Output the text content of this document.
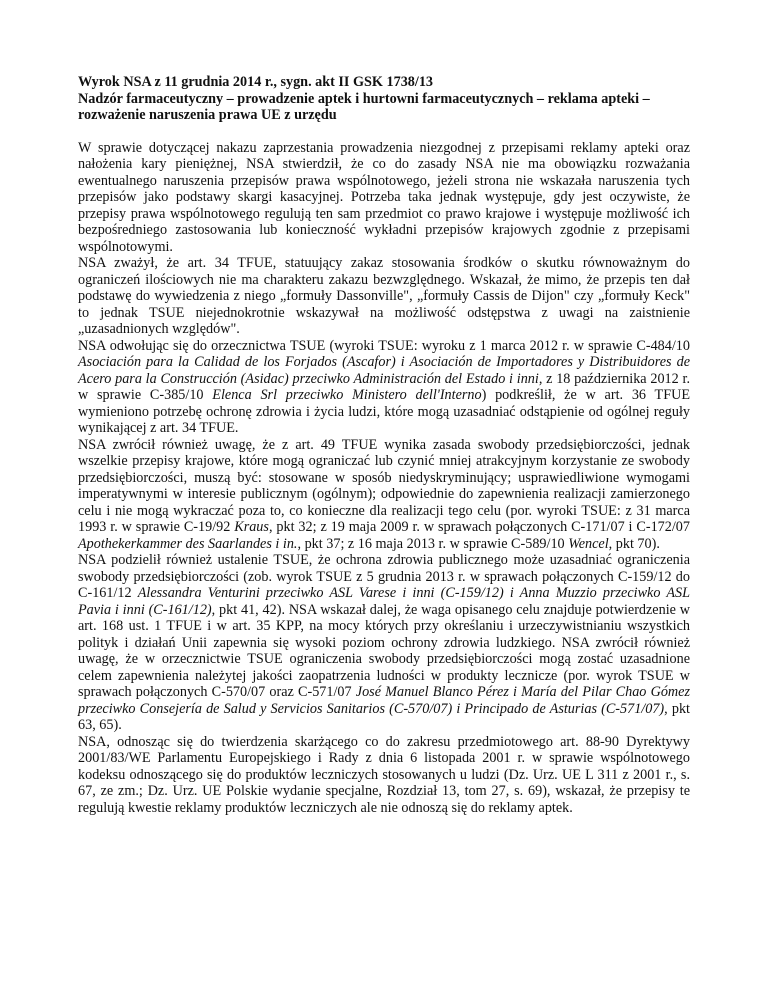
Wyrok NSA z 11 grudnia 2014 r., sygn. akt II GSK 1738/13

Nadzór farmaceutyczny – prowadzenie aptek i hurtowni farmaceutycznych – reklama apteki – rozważenie naruszenia prawa UE z urzędu

W sprawie dotyczącej nakazu zaprzestania prowadzenia niezgodnej z przepisami reklamy apteki oraz nałożenia kary pieniężnej, NSA stwierdził, że co do zasady NSA nie ma obowiązku rozważania ewentualnego naruszenia przepisów prawa wspólnotowego, jeżeli strona nie wskazała naruszenia tych przepisów jako podstawy skargi kasacyjnej. Potrzeba taka jednak występuje, gdy jest oczywiste, że przepisy prawa wspólnotowego regulują ten sam przedmiot co prawo krajowe i występuje możliwość ich bezpośredniego zastosowania lub konieczność wykładni przepisów krajowych zgodnie z przepisami wspólnotowymi.

NSA zważył, że art. 34 TFUE, statuujący zakaz stosowania środków o skutku równoważnym do ograniczeń ilościowych nie ma charakteru zakazu bezwzględnego. Wskazał, że mimo, że przepis ten dał podstawę do wywiedzenia z niego „formuły Dassonville", „formuły Cassis de Dijon" czy „formuły Keck" to jednak TSUE niejednokrotnie wskazywał na możliwość odstępstwa z uwagi na zaistnienie „uzasadnionych względów".

NSA odwołując się do orzecznictwa TSUE (wyroki TSUE: wyroku z 1 marca 2012 r. w sprawie C-484/10 Asociación para la Calidad de los Forjados (Ascafor) i Asociación de Importadores y Distribuidores de Acero para la Construcción (Asidac) przeciwko Administración del Estado i inni, z 18 października 2012 r. w sprawie C-385/10 Elenca Srl przeciwko Ministero dell'Interno) podkreślił, że w art. 36 TFUE wymieniono potrzebę ochronę zdrowia i życia ludzi, które mogą uzasadniać odstąpienie od ogólnej reguły wynikającej z art. 34 TFUE.

NSA zwrócił również uwagę, że z art. 49 TFUE wynika zasada swobody przedsiębiorczości, jednak wszelkie przepisy krajowe, które mogą ograniczać lub czynić mniej atrakcyjnym korzystanie ze swobody przedsiębiorczości, muszą być: stosowane w sposób niedyskryminujący; usprawiedliwione wymogami imperatywnymi w interesie publicznym (ogólnym); odpowiednie do zapewnienia realizacji zamierzonego celu i nie mogą wykraczać poza to, co konieczne dla realizacji tego celu (por. wyroki TSUE: z 31 marca 1993 r. w sprawie C-19/92 Kraus, pkt 32; z 19 maja 2009 r. w sprawach połączonych C-171/07 i C-172/07 Apothekerkammer des Saarlandes i in., pkt 37; z 16 maja 2013 r. w sprawie C-589/10 Wencel, pkt 70).

NSA podzielił również ustalenie TSUE, że ochrona zdrowia publicznego może uzasadniać ograniczenia swobody przedsiębiorczości (zob. wyrok TSUE z 5 grudnia 2013 r. w sprawach połączonych C-159/12 do C-161/12 Alessandra Venturini przeciwko ASL Varese i inni (C-159/12) i Anna Muzzio przeciwko ASL Pavia i inni (C-161/12), pkt 41, 42). NSA wskazał dalej, że waga opisanego celu znajduje potwierdzenie w art. 168 ust. 1 TFUE i w art. 35 KPP, na mocy których przy określaniu i urzeczywistnianiu wszystkich polityk i działań Unii zapewnia się wysoki poziom ochrony zdrowia ludzkiego. NSA zwrócił również uwagę, że w orzecznictwie TSUE ograniczenia swobody przedsiębiorczości mogą zostać uzasadnione celem zapewnienia należytej jakości zaopatrzenia ludności w produkty lecznicze (por. wyrok TSUE w sprawach połączonych C-570/07 oraz C-571/07 José Manuel Blanco Pérez i María del Pilar Chao Gómez przeciwko Consejería de Salud y Servicios Sanitarios (C-570/07) i Principado de Asturias (C-571/07), pkt 63, 65).

NSA, odnosząc się do twierdzenia skarżącego co do zakresu przedmiotowego art. 88-90 Dyrektywy 2001/83/WE Parlamentu Europejskiego i Rady z dnia 6 listopada 2001 r. w sprawie wspólnotowego kodeksu odnoszącego się do produktów leczniczych stosowanych u ludzi (Dz. Urz. UE L 311 z 2001 r., s. 67, ze zm.; Dz. Urz. UE Polskie wydanie specjalne, Rozdział 13, tom 27, s. 69), wskazał, że przepisy te regulują kwestie reklamy produktów leczniczych ale nie odnoszą się do reklamy aptek.
